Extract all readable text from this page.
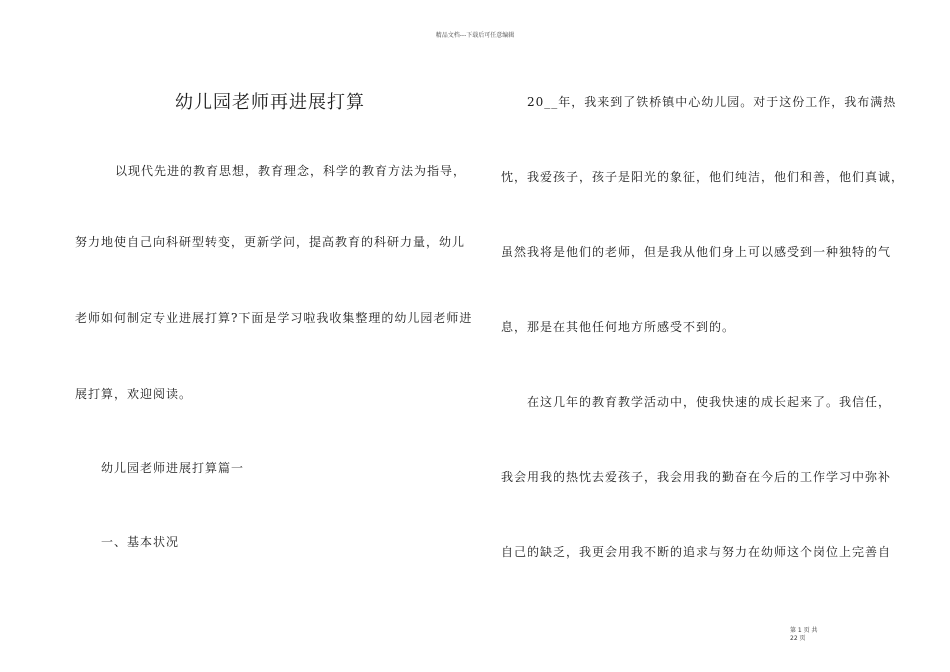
精品文档---下载后可任意编辑
幼儿园老师再进展打算
以现代先进的教育思想，教育理念，科学的教育方法为指导，
努力地使自己向科研型转变，更新学问，提高教育的科研力量，幼儿
老师如何制定专业进展打算?下面是学习啦我收集整理的幼儿园老师进
展打算，欢迎阅读。
幼儿园老师进展打算篇一
一、基本状况
20__年，我来到了铁桥镇中心幼儿园。对于这份工作，我布满热
忱，我爱孩子，孩子是阳光的象征，他们纯洁，他们和善，他们真诚，
虽然我将是他们的老师，但是我从他们身上可以感受到一种独特的气
息，那是在其他任何地方所感受不到的。
在这几年的教育教学活动中，使我快速的成长起来了。我信任，
我会用我的热忱去爱孩子，我会用我的勤奋在今后的工作学习中弥补
自己的缺乏，我更会用我不断的追求与努力在幼师这个岗位上完善自
第 1 页 共 22 页
